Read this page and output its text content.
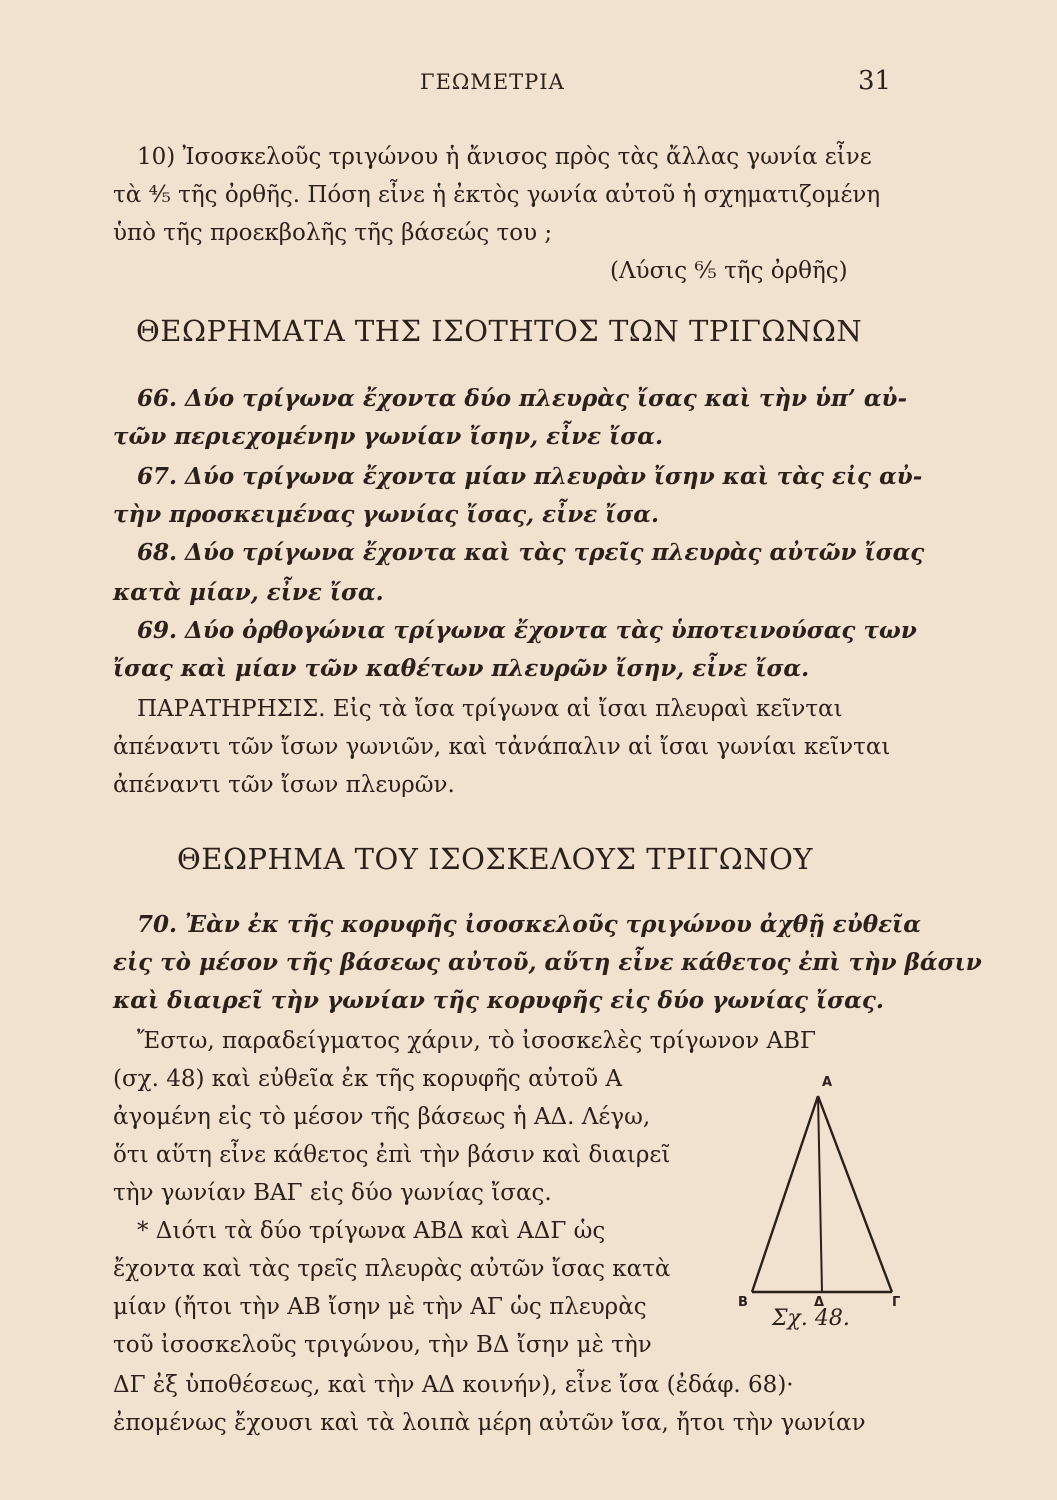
ΓΕΩΜΕΤΡΙΑ	31
10) Ἰσοσκελοῦς τριγώνου ἡ ἄνισος πρὸς τὰς ἄλλας γωνία εἶνε
τὰ ⁴⁄₅ τῆς ὀρθῆς. Πόση εἶνε ἡ ἐκτὸς γωνία αὐτοῦ ἡ σχηματιζομένη
ὑπὸ τῆς προεκβολῆς τῆς βάσεώς του ;
(Λύσις ⁶⁄₅ τῆς ὀρθῆς)
ΘΕΩΡΗΜΑΤΑ ΤΗΣ ΙΣΟΤΗΤΟΣ ΤΩΝ ΤΡΙΓΩΝΩΝ
66. Δύο τρίγωνα ἔχοντα δύο πλευρὰς ἴσας καὶ τὴν ὑπ’ αὐ-
τῶν περιεχομένην γωνίαν ἴσην, εἶνε ἴσα.
67. Δύο τρίγωνα ἔχοντα μίαν πλευρὰν ἴσην καὶ τὰς εἰς αὐ-
τὴν προσκειμένας γωνίας ἴσας, εἶνε ἴσα.
68. Δύο τρίγωνα ἔχοντα καὶ τὰς τρεῖς πλευρὰς αὐτῶν ἴσας
κατὰ μίαν, εἶνε ἴσα.
69. Δύο ὀρθογώνια τρίγωνα ἔχοντα τὰς ὑποτεινούσας των
ἴσας καὶ μίαν τῶν καθέτων πλευρῶν ἴσην, εἶνε ἴσα.
ΠΑΡΑΤΗΡΗΣΙΣ. Εἰς τὰ ἴσα τρίγωνα αἱ ἴσαι πλευραὶ κεῖνται
ἀπέναντι τῶν ἴσων γωνιῶν, καὶ τἀνάπαλιν αἱ ἴσαι γωνίαι κεῖνται
ἀπέναντι τῶν ἴσων πλευρῶν.
ΘΕΩΡΗΜΑ ΤΟΥ ΙΣΟΣΚΕΛΟΥΣ ΤΡΙΓΩΝΟΥ
70. Ἐὰν ἐκ τῆς κορυφῆς ἰσοσκελοῦς τριγώνου ἀχθῇ εὐθεῖα
εἰς τὸ μέσον τῆς βάσεως αὐτοῦ, αὕτη εἶνε κάθετος ἐπὶ τὴν βάσιν
καὶ διαιρεῖ τὴν γωνίαν τῆς κορυφῆς εἰς δύο γωνίας ἴσας.
Ἔστω, παραδείγματος χάριν, τὸ ἰσοσκελὲς τρίγωνον ΑΒΓ
(σχ. 48) καὶ εὐθεῖα ἐκ τῆς κορυφῆς αὐτοῦ Α
ἀγομένη εἰς τὸ μέσον τῆς βάσεως ἡ ΑΔ. Λέγω,
ὅτι αὕτη εἶνε κάθετος ἐπὶ τὴν βάσιν καὶ διαιρεῖ
τὴν γωνίαν ΒΑΓ εἰς δύο γωνίας ἴσας.
* Διότι τὰ δύο τρίγωνα ΑΒΔ καὶ ΑΔΓ ὡς
ἔχοντα καὶ τὰς τρεῖς πλευρὰς αὐτῶν ἴσας κατὰ
μίαν (ἤτοι τὴν ΑΒ ἴσην μὲ τὴν ΑΓ ὡς πλευρὰς
τοῦ ἰσοσκελοῦς τριγώνου, τὴν ΒΔ ἴσην μὲ τὴν
ΔΓ ἐξ ὑποθέσεως, καὶ τὴν ΑΔ κοινήν), εἶνε ἴσα (ἐδάφ. 68)·
ἐπομένως ἔχουσι καὶ τὰ λοιπὰ μέρη αὐτῶν ἴσα, ἤτοι τὴν γωνίαν
Α
Β	Δ	Γ
Σχ. 48.
